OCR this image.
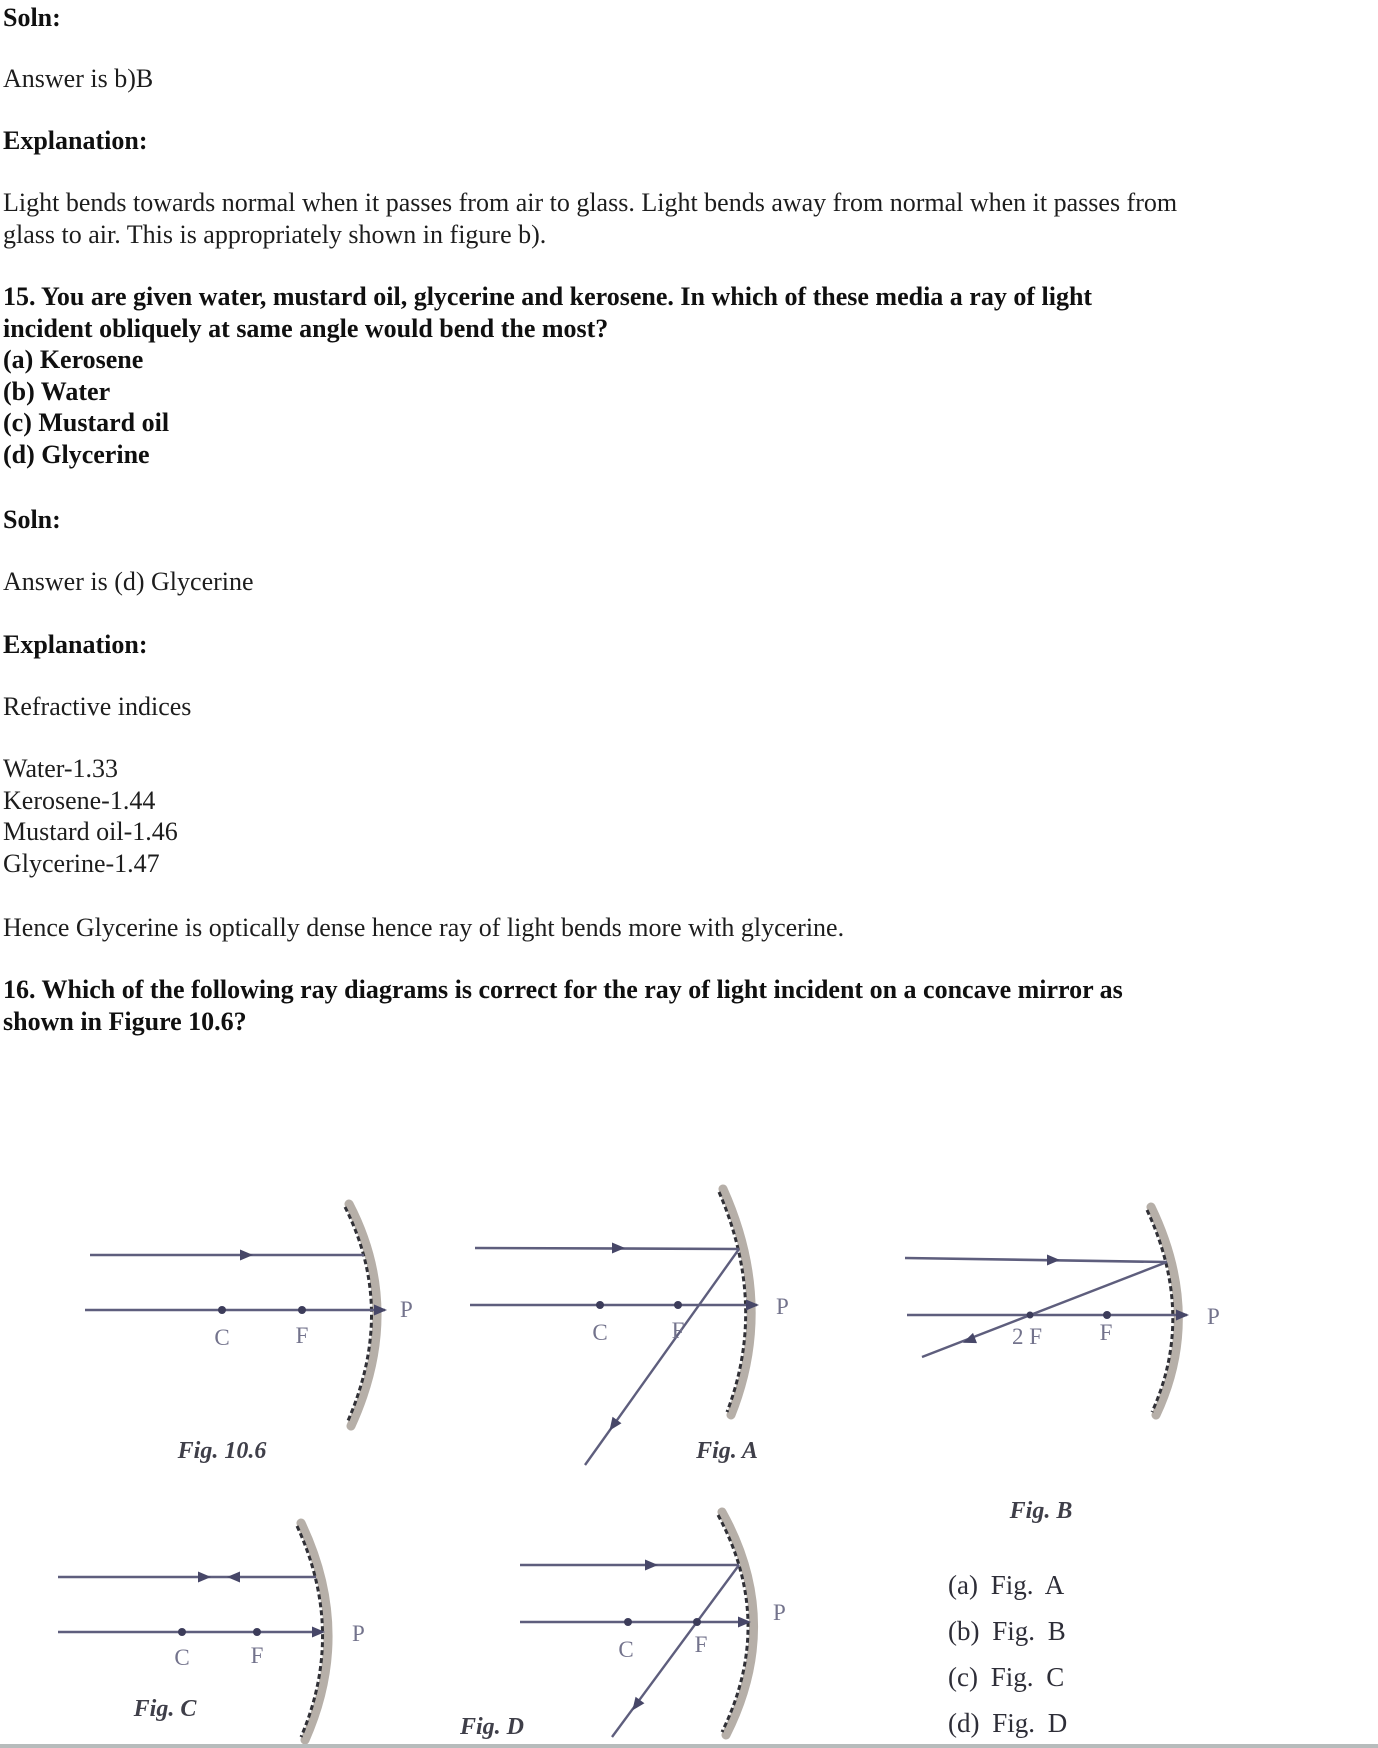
Soln:
Answer is b)B
Explanation:
Light bends towards normal when it passes from air to glass. Light bends away from normal when it passes from
glass to air. This is appropriately shown in figure b).
15. You are given water, mustard oil, glycerine and kerosene. In which of these media a ray of light
incident obliquely at same angle would bend the most?
(a) Kerosene
(b) Water
(c) Mustard oil
(d) Glycerine
Soln:
Answer is (d) Glycerine
Explanation:
Refractive indices
Water-1.33
Kerosene-1.44
Mustard oil-1.46
Glycerine-1.47
Hence Glycerine is optically dense hence ray of light bends more with glycerine.
16. Which of the following ray diagrams is correct for the ray of light incident on a concave mirror as
shown in Figure 10.6?
C	F
P
Fig. 10.6
C	F
P
Fig. A
2 F	F
P
Fig. B
C	F
P
Fig. C
C	F
P
Fig. D
(a) Fig. A
(b) Fig. B
(c) Fig. C
(d) Fig. D
